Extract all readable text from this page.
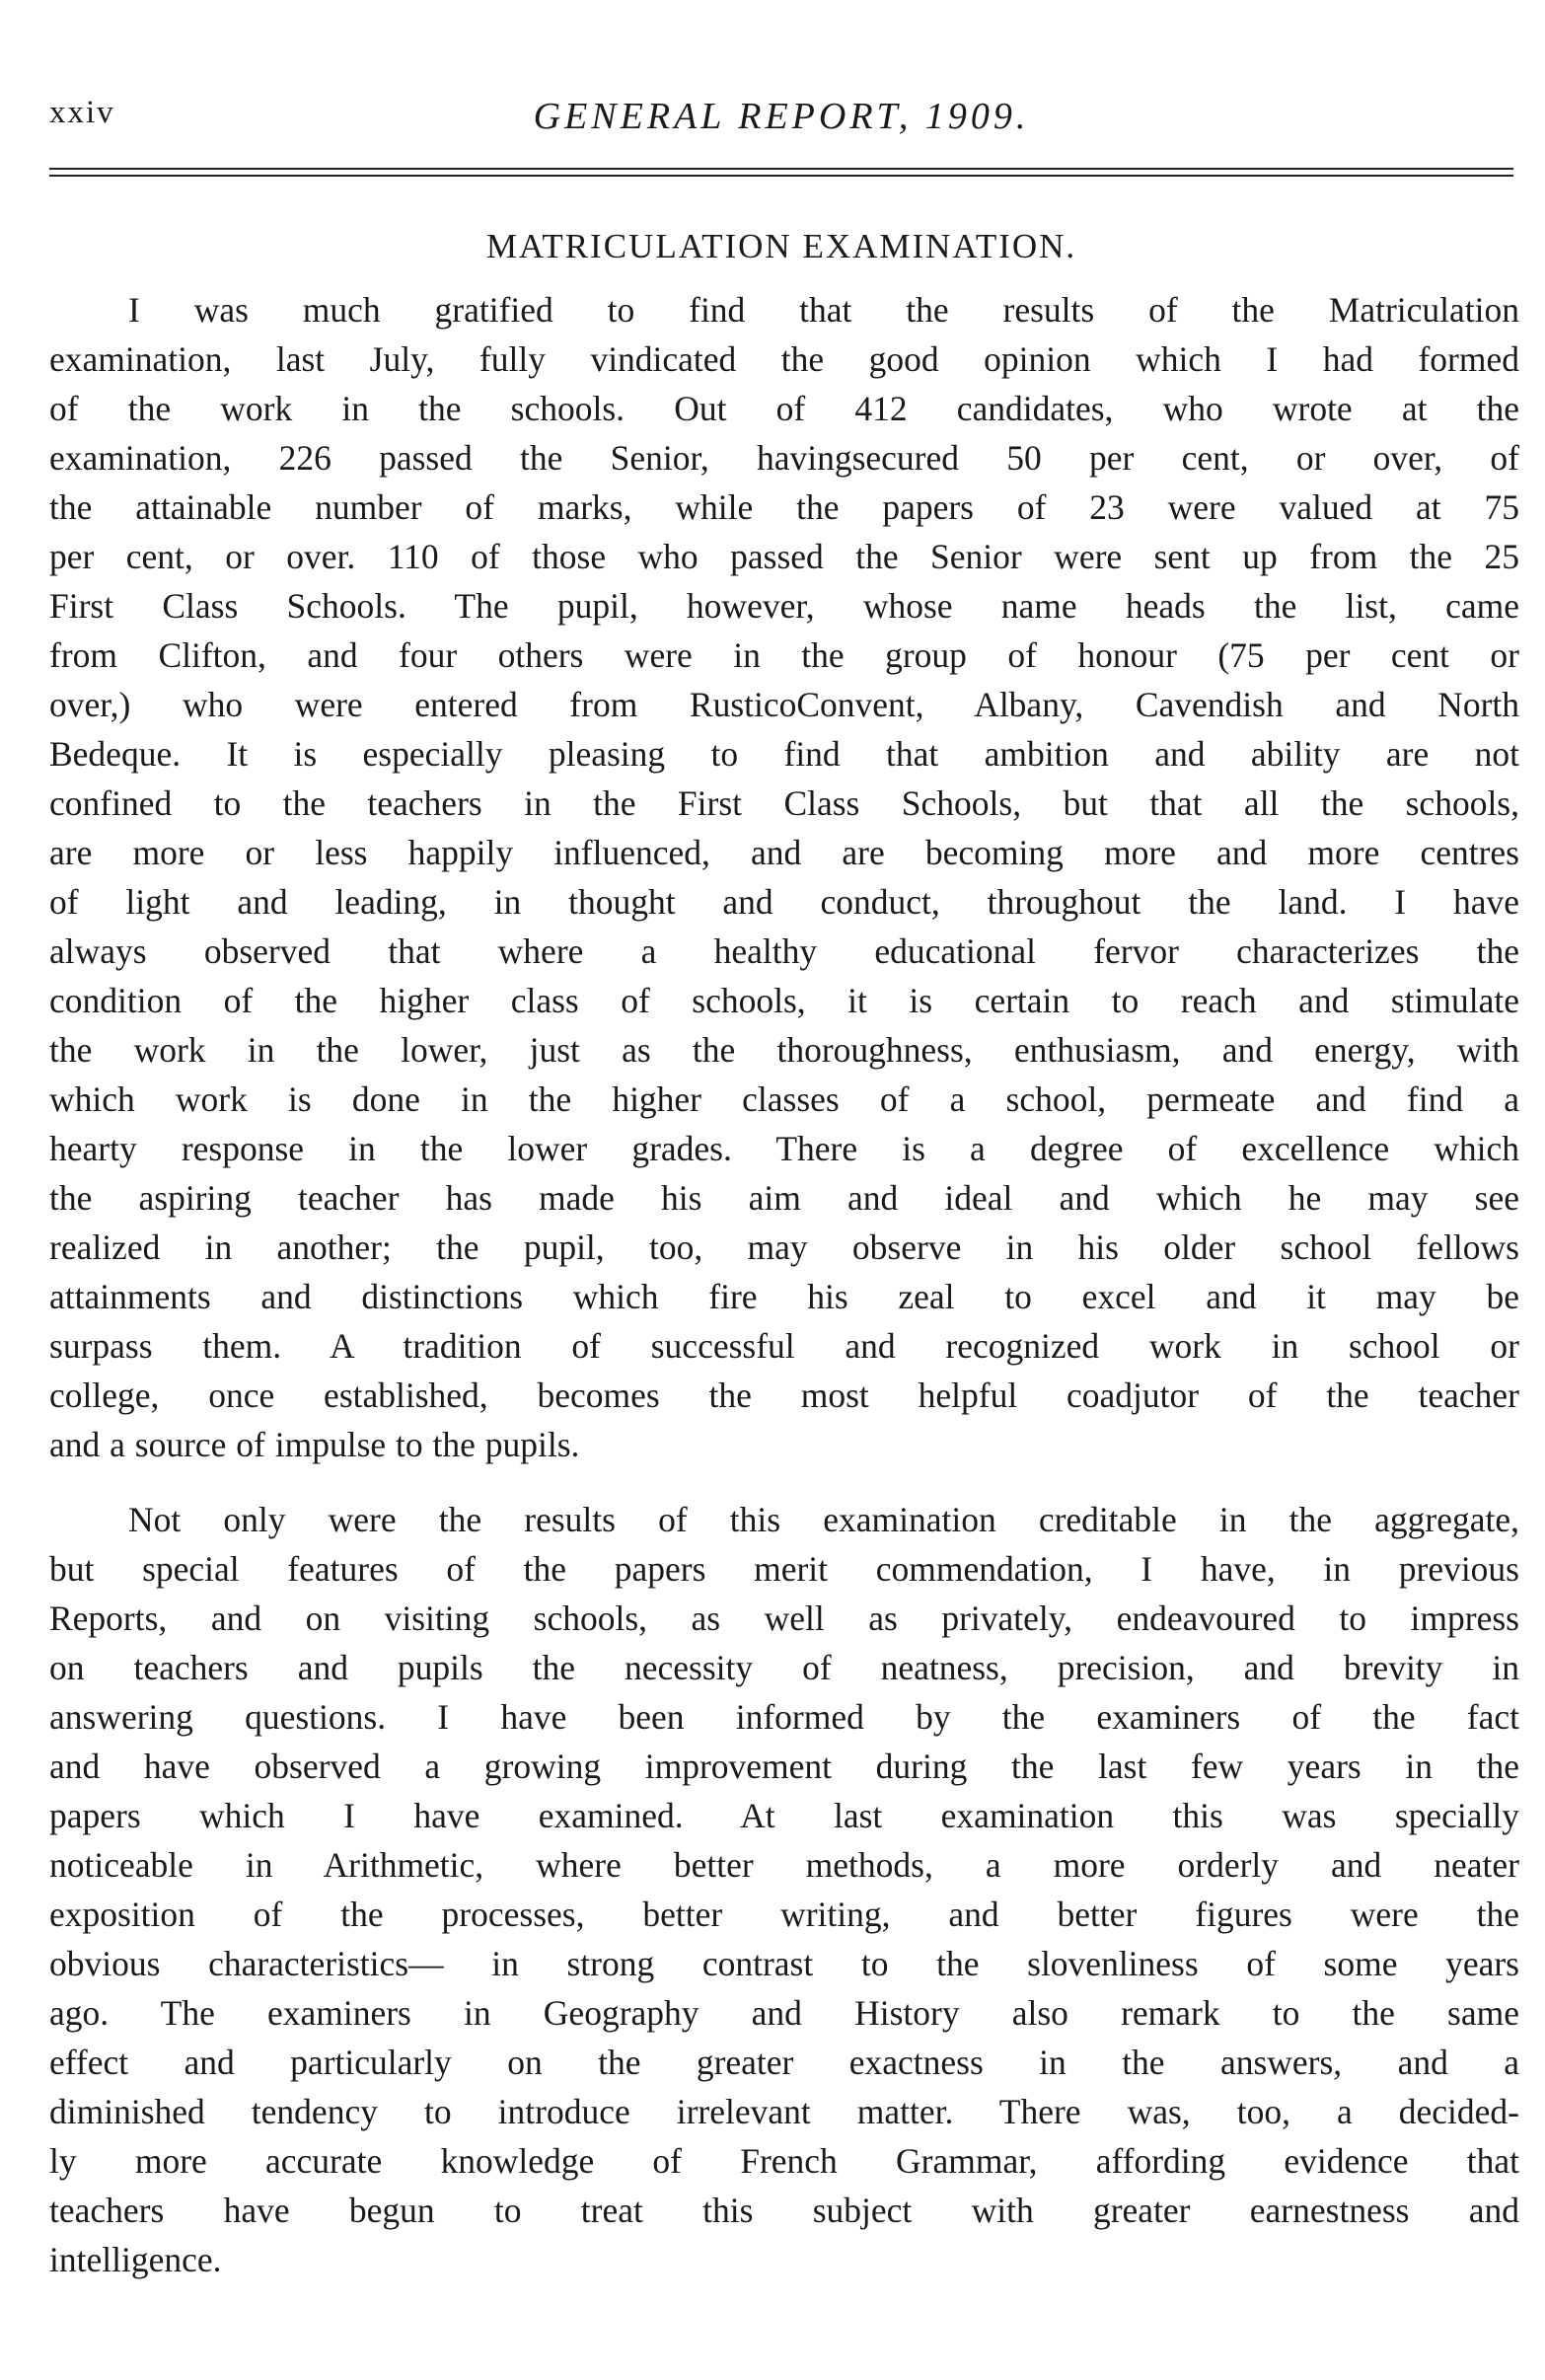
xxiv	GENERAL REPORT, 1909.
MATRICULATION EXAMINATION.
I was much gratified to find that the results of the Matriculation
examination, last July, fully vindicated the good opinion which I had formed
of the work in the schools. Out of 412 candidates, who wrote at the
examination, 226 passed the Senior, havingsecured 50 per cent, or over, of
the attainable number of marks, while the papers of 23 were valued at 75
per cent, or over. 110 of those who passed the Senior were sent up from the 25
First Class Schools. The pupil, however, whose name heads the list, came
from Clifton, and four others were in the group of honour (75 per cent or
over,) who were entered from RusticoConvent, Albany, Cavendish and North
Bedeque. It is especially pleasing to find that ambition and ability are not
confined to the teachers in the First Class Schools, but that all the schools,
are more or less happily influenced, and are becoming more and more centres
of light and leading, in thought and conduct, throughout the land. I have
always observed that where a healthy educational fervor characterizes the
condition of the higher class of schools, it is certain to reach and stimulate
the work in the lower, just as the thoroughness, enthusiasm, and energy, with
which work is done in the higher classes of a school, permeate and find a
hearty response in the lower grades. There is a degree of excellence which
the aspiring teacher has made his aim and ideal and which he may see
realized in another; the pupil, too, may observe in his older school fellows
attainments and distinctions which fire his zeal to excel and it may be
surpass them. A tradition of successful and recognized work in school or
college, once established, becomes the most helpful coadjutor of the teacher
and a source of impulse to the pupils.
Not only were the results of this examination creditable in the aggregate,
but special features of the papers merit commendation, I have, in previous
Reports, and on visiting schools, as well as privately, endeavoured to impress
on teachers and pupils the necessity of neatness, precision, and brevity in
answering questions. I have been informed by the examiners of the fact
and have observed a growing improvement during the last few years in the
papers which I have examined. At last examination this was specially
noticeable in Arithmetic, where better methods, a more orderly and neater
exposition of the processes, better writing, and better figures were the
obvious characteristics— in strong contrast to the slovenliness of some years
ago. The examiners in Geography and History also remark to the same
effect and particularly on the greater exactness in the answers, and a
diminished tendency to introduce irrelevant matter. There was, too, a decided-
ly more accurate knowledge of French Grammar, affording evidence that
teachers have begun to treat this subject with greater earnestness and
intelligence.
